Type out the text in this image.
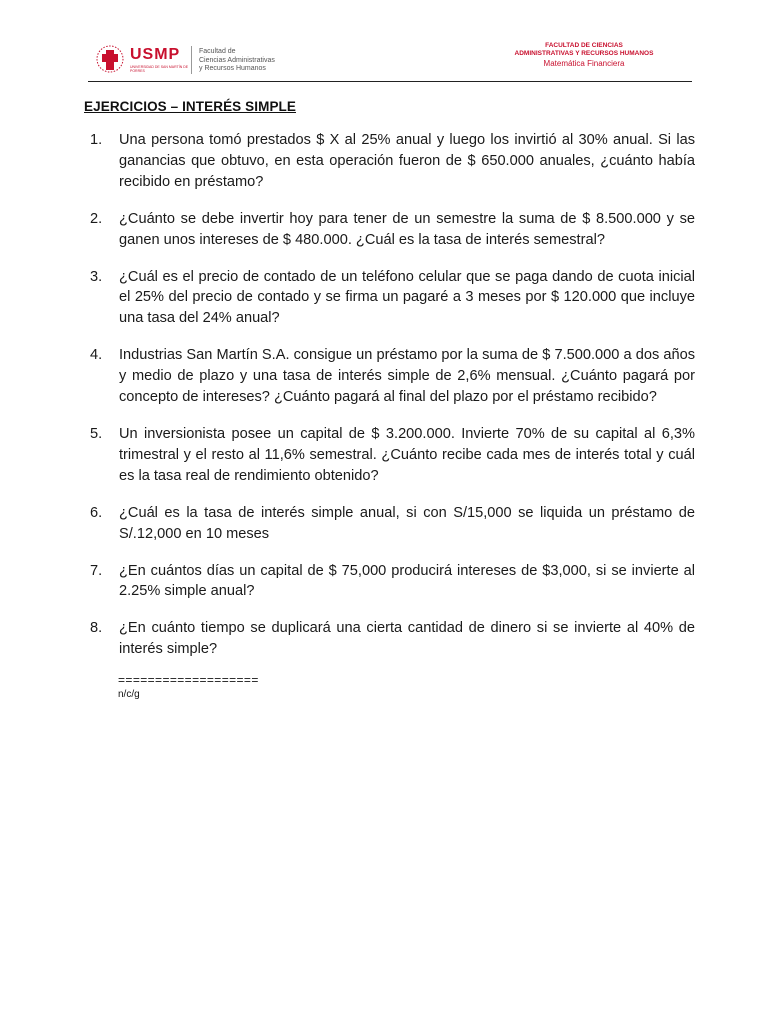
USMP
UNIVERSIDAD DE SAN MARTÍN DE PORRES
Facultad de
Ciencias Administrativas
y Recursos Humanos
FACULTAD DE CIENCIAS
ADMINISTRATIVAS Y RECURSOS HUMANOS
Matemática Financiera
EJERCICIOS – INTERÉS SIMPLE
1. Una persona tomó prestados $ X al 25% anual y luego los invirtió al 30% anual. Si las ganancias que obtuvo, en esta operación fueron de $ 650.000 anuales, ¿cuánto había recibido en préstamo?
2. ¿Cuánto se debe invertir hoy para tener de un semestre la suma de $ 8.500.000 y se ganen unos intereses de $ 480.000. ¿Cuál es la tasa de interés semestral?
3. ¿Cuál es el precio de contado de un teléfono celular que se paga dando de cuota inicial el 25% del precio de contado y se firma un pagaré a 3 meses por $ 120.000 que incluye una tasa del 24% anual?
4. Industrias San Martín S.A. consigue un préstamo por la suma de $ 7.500.000 a dos años y medio de plazo y una tasa de interés simple de 2,6% mensual. ¿Cuánto pagará por concepto de intereses? ¿Cuánto pagará al final del plazo por el préstamo recibido?
5. Un inversionista posee un capital de $ 3.200.000. Invierte 70% de su capital al 6,3% trimestral y el resto al 11,6% semestral. ¿Cuánto recibe cada mes de interés total y cuál es la tasa real de rendimiento obtenido?
6. ¿Cuál es la tasa de interés simple anual, si con S/15,000 se liquida un préstamo de S/.12,000 en 10 meses
7. ¿En cuántos días un capital de $ 75,000 producirá intereses de $3,000, si se invierte al 2.25% simple anual?
8. ¿En cuánto tiempo se duplicará una cierta cantidad de dinero si se invierte al 40% de interés simple?
===================
n/c/g
